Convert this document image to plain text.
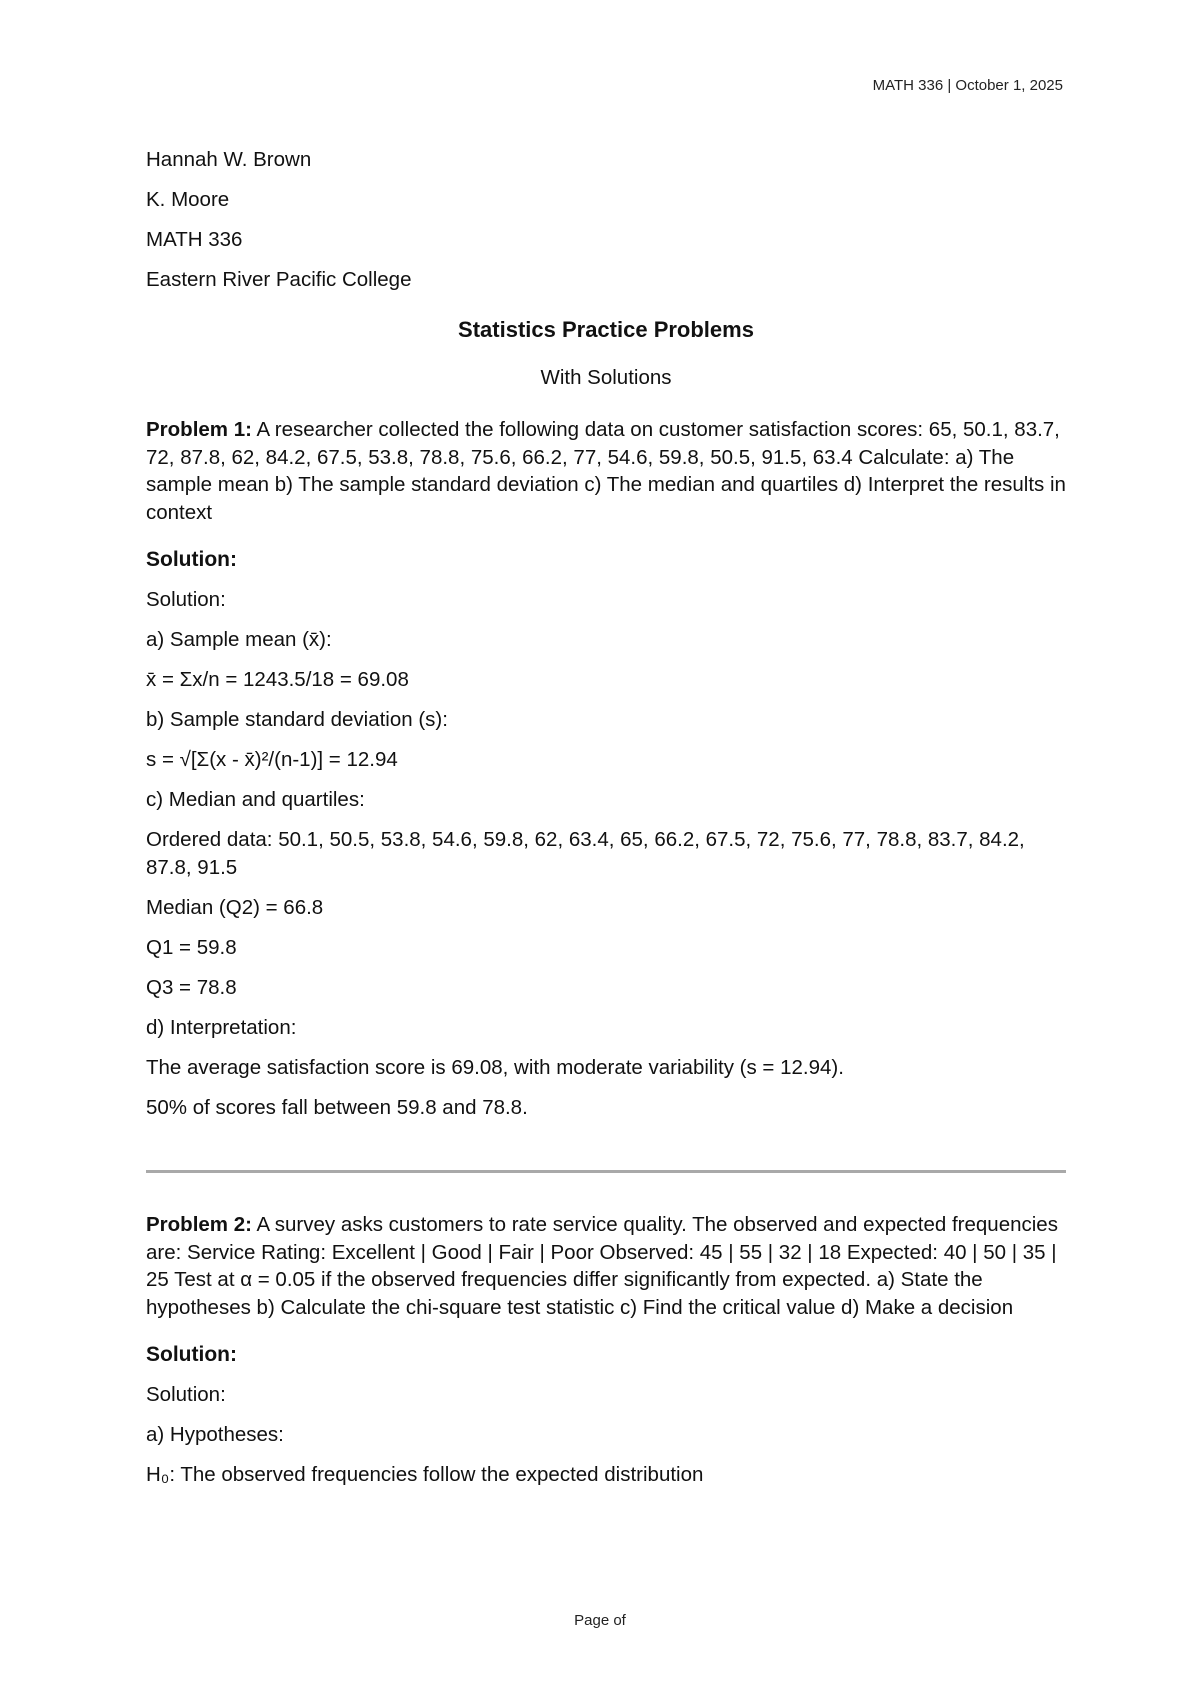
MATH 336 | October 1, 2025

Hannah W. Brown

K. Moore

MATH 336

Eastern River Pacific College

Statistics Practice Problems

With Solutions

Problem 1: A researcher collected the following data on customer satisfaction scores: 65, 50.1, 83.7, 72, 87.8, 62, 84.2, 67.5, 53.8, 78.8, 75.6, 66.2, 77, 54.6, 59.8, 50.5, 91.5, 63.4 Calculate: a) The sample mean b) The sample standard deviation c) The median and quartiles d) Interpret the results in context

Solution:

Solution:

a) Sample mean (x̄):

x̄ = Σx/n = 1243.5/18 = 69.08

b) Sample standard deviation (s):

s = √[Σ(x - x̄)²/(n-1)] = 12.94

c) Median and quartiles:

Ordered data: 50.1, 50.5, 53.8, 54.6, 59.8, 62, 63.4, 65, 66.2, 67.5, 72, 75.6, 77, 78.8, 83.7, 84.2, 87.8, 91.5

Median (Q2) = 66.8

Q1 = 59.8

Q3 = 78.8

d) Interpretation:

The average satisfaction score is 69.08, with moderate variability (s = 12.94).

50% of scores fall between 59.8 and 78.8.

Problem 2: A survey asks customers to rate service quality. The observed and expected frequencies are: Service Rating: Excellent | Good | Fair | Poor Observed: 45 | 55 | 32 | 18 Expected: 40 | 50 | 35 | 25 Test at α = 0.05 if the observed frequencies differ significantly from expected. a) State the hypotheses b) Calculate the chi-square test statistic c) Find the critical value d) Make a decision

Solution:

Solution:

a) Hypotheses:

H₀: The observed frequencies follow the expected distribution

Page of
